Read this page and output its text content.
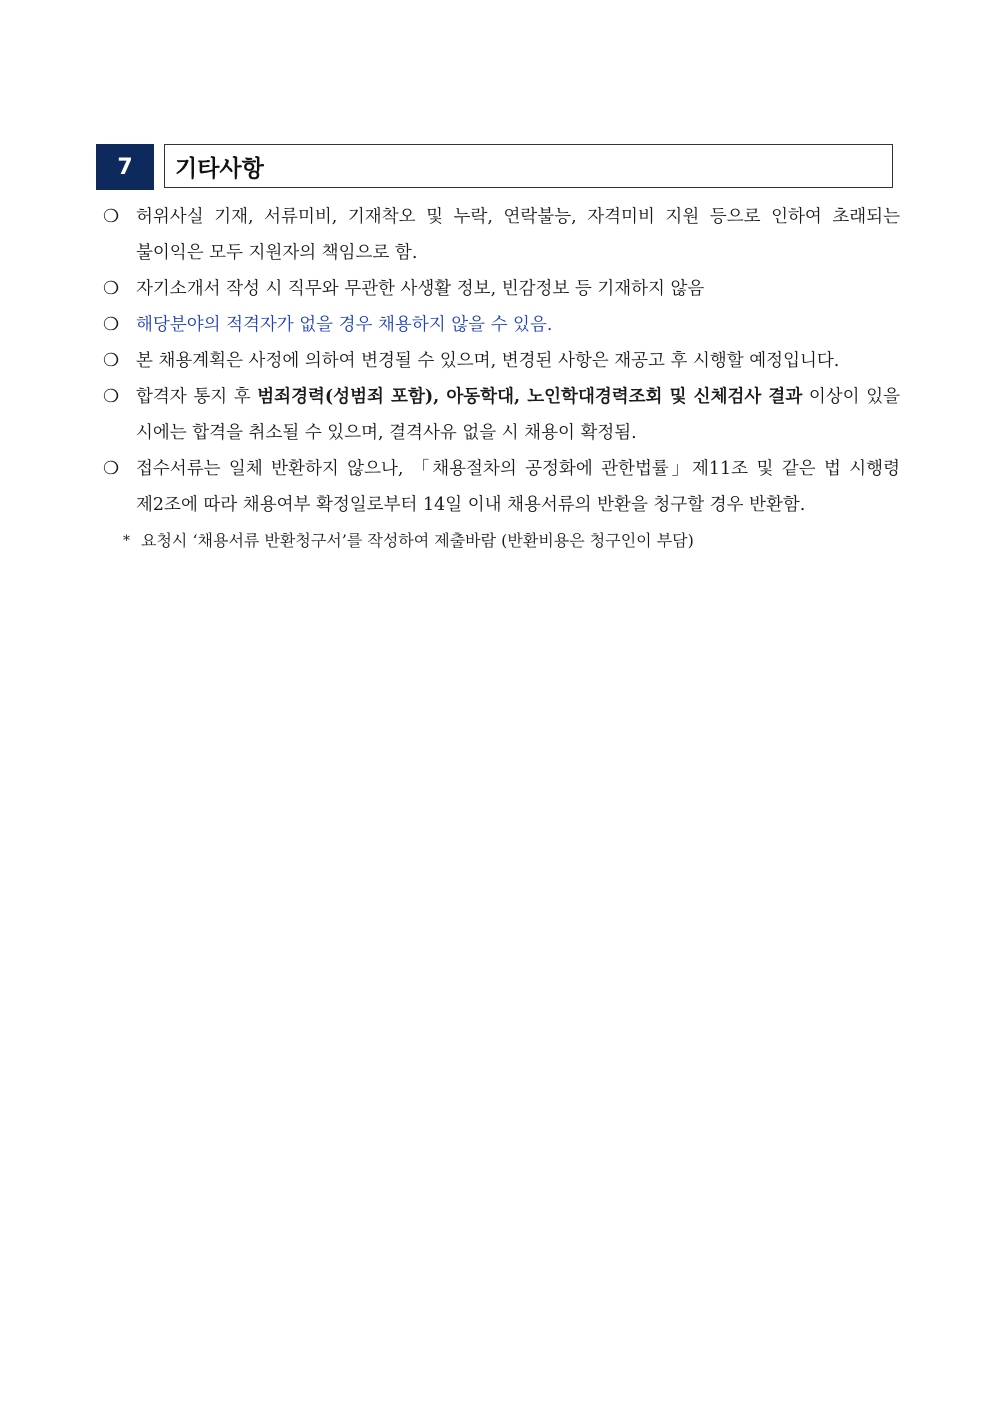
7	기타사항

❍ 허위사실 기재, 서류미비, 기재착오 및 누락, 연락불능, 자격미비 지원 등으로 인하여 초래되는 불이익은 모두 지원자의 책임으로 함.

❍ 자기소개서 작성 시 직무와 무관한 사생활 정보, 빈감정보 등 기재하지 않음

❍ 해당분야의 적격자가 없을 경우 채용하지 않을 수 있음.

❍ 본 채용계획은 사정에 의하여 변경될 수 있으며, 변경된 사항은 재공고 후 시행할 예정입니다.

❍ 합격자 통지 후 범죄경력(성범죄 포함), 아동학대, 노인학대경력조회 및 신체검사 결과 이상이 있을 시에는 합격을 취소될 수 있으며, 결격사유 없을 시 채용이 확정됨.

❍ 접수서류는 일체 반환하지 않으나, 「채용절차의 공정화에 관한법률」제11조 및 같은 법 시행령 제2조에 따라 채용여부 확정일로부터 14일 이내 채용서류의 반환을 청구할 경우 반환함.

* 요청시 ‘채용서류 반환청구서’를 작성하여 제출바람 (반환비용은 청구인이 부담)
